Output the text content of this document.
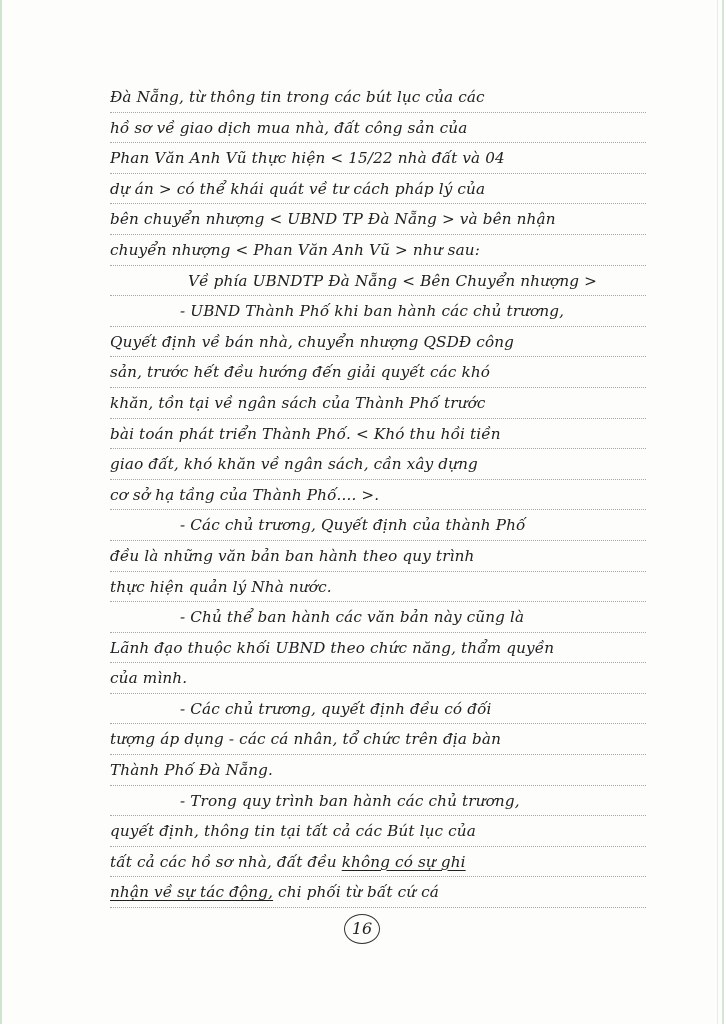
Đà Nẵng, từ thông tin trong các bút lục của các
hồ sơ về giao dịch mua nhà, đất công sản của
Phan Văn Anh Vũ thực hiện < 15/22 nhà đất và 04
dự án > có thể khái quát về tư cách pháp lý của
bên chuyển nhượng < UBND TP Đà Nẵng > và bên nhận
chuyển nhượng < Phan Văn Anh Vũ > như sau:
Về phía UBNDTP Đà Nẵng < Bên Chuyển nhượng >
- UBND Thành Phố khi ban hành các chủ trương,
Quyết định về bán nhà, chuyển nhượng QSDĐ công
sản, trước hết đều hướng đến giải quyết các khó
khăn, tồn tại về ngân sách của Thành Phố trước
bài toán phát triển Thành Phố. < Khó thu hồi tiền
giao đất, khó khăn về ngân sách, cần xây dựng
cơ sở hạ tầng của Thành Phố.... >.
- Các chủ trương, Quyết định của thành Phố
đều là những văn bản ban hành theo quy trình
thực hiện quản lý Nhà nước.
- Chủ thể ban hành các văn bản này cũng là
Lãnh đạo thuộc khối UBND theo chức năng, thẩm quyền
của mình.
- Các chủ trương, quyết định đều có đối
tượng áp dụng - các cá nhân, tổ chức trên địa bàn
Thành Phố Đà Nẵng.
- Trong quy trình ban hành các chủ trương,
quyết định, thông tin tại tất cả các Bút lục của
tất cả các hồ sơ nhà, đất đều không có sự ghi
nhận về sự tác động, chi phối từ bất cứ cá
16
